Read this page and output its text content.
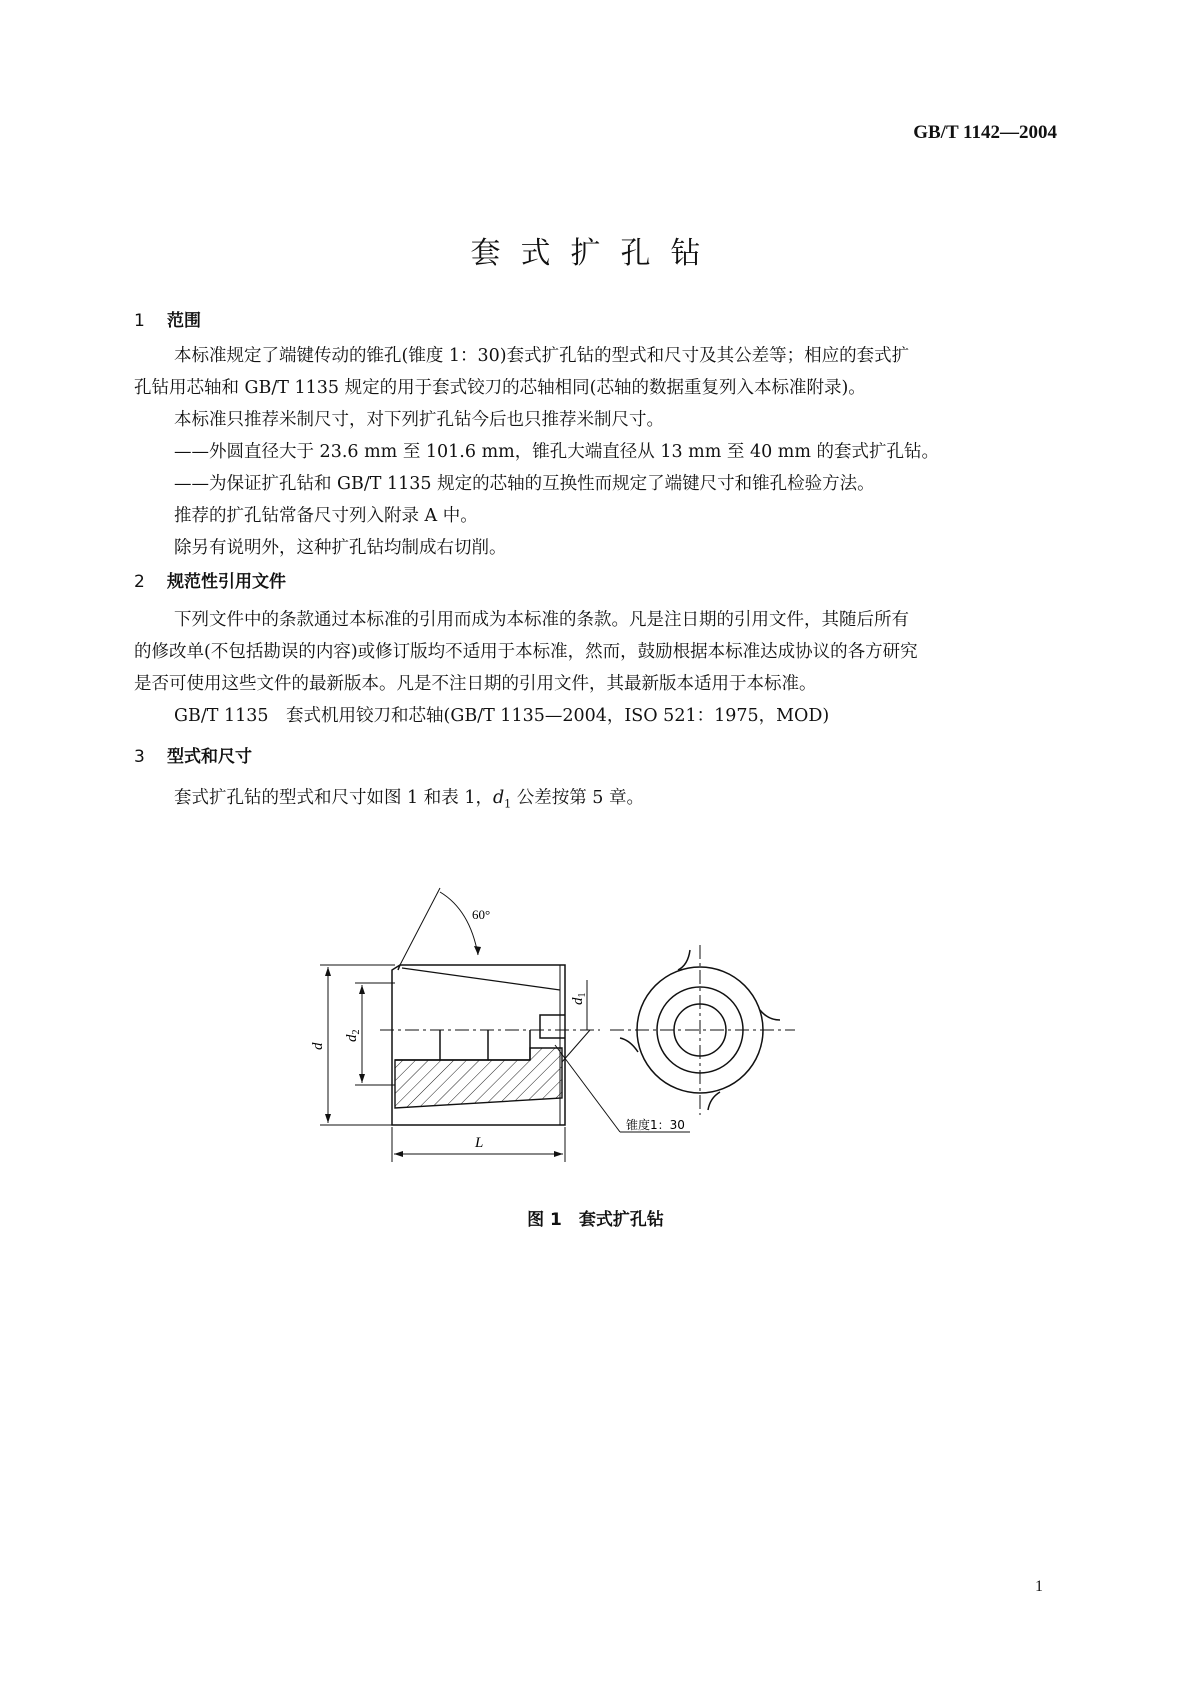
GB/T 1142—2004
套式扩孔钻
1 范围
本标准规定了端键传动的锥孔(锥度 1：30)套式扩孔钻的型式和尺寸及其公差等；相应的套式扩
孔钻用芯轴和 GB/T 1135 规定的用于套式铰刀的芯轴相同(芯轴的数据重复列入本标准附录)。
本标准只推荐米制尺寸，对下列扩孔钻今后也只推荐米制尺寸。
——外圆直径大于 23.6 mm 至 101.6 mm，锥孔大端直径从 13 mm 至 40 mm 的套式扩孔钻。
——为保证扩孔钻和 GB/T 1135 规定的芯轴的互换性而规定了端键尺寸和锥孔检验方法。
推荐的扩孔钻常备尺寸列入附录 A 中。
除另有说明外，这种扩孔钻均制成右切削。
2 规范性引用文件
下列文件中的条款通过本标准的引用而成为本标准的条款。凡是注日期的引用文件，其随后所有
的修改单(不包括勘误的内容)或修订版均不适用于本标准，然而，鼓励根据本标准达成协议的各方研究
是否可使用这些文件的最新版本。凡是不注日期的引用文件，其最新版本适用于本标准。
GB/T 1135　套式机用铰刀和芯轴(GB/T 1135—2004，ISO 521：1975，MOD)
3 型式和尺寸
套式扩孔钻的型式和尺寸如图 1 和表 1，$d_1$ 公差按第 5 章。
60°
d
$d_2$
$d_1$
L
锥度1：30
图 1　套式扩孔钻
1
